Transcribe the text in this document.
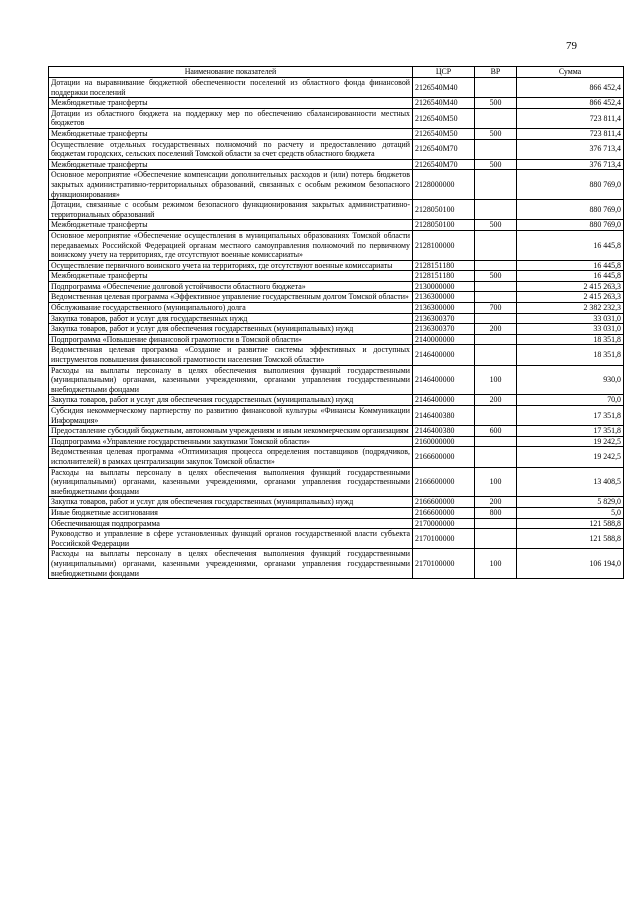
79
Наименование показателей	ЦСР	ВР	Сумма
Дотации на выравнивание бюджетной обеспеченности поселений из областного фонда финансовой поддержки поселений	2126540М40		866 452,4
Межбюджетные трансферты	2126540М40	500	866 452,4
Дотации из областного бюджета на поддержку мер по обеспечению сбалансированности местных бюджетов	2126540М50		723 811,4
Межбюджетные трансферты	2126540М50	500	723 811,4
Осуществление отдельных государственных полномочий по расчету и предоставлению дотаций бюджетам городских, сельских поселений Томской области за счет средств областного бюджета	2126540М70		376 713,4
Межбюджетные трансферты	2126540М70	500	376 713,4
Основное мероприятие «Обеспечение компенсации дополнительных расходов и (или) потерь бюджетов закрытых административно-территориальных образований, связанных с особым режимом безопасного функционирования»	2128000000		880 769,0
Дотации, связанные с особым режимом безопасного функционирования закрытых административно-территориальных образований	2128050100		880 769,0
Межбюджетные трансферты	2128050100	500	880 769,0
Основное мероприятие «Обеспечение осуществления в муниципальных образованиях Томской области передаваемых Российской Федерацией органам местного самоуправления полномочий по первичному воинскому учету на территориях, где отсутствуют военные комиссариаты»	2128100000		16 445,8
Осуществление первичного воинского учета на территориях, где отсутствуют военные комиссариаты	2128151180		16 445,8
Межбюджетные трансферты	2128151180	500	16 445,8
Подпрограмма «Обеспечение долговой устойчивости областного бюджета»	2130000000		2 415 263,3
Ведомственная целевая программа «Эффективное управление государственным долгом Томской области»	2136300000		2 415 263,3
Обслуживание государственного (муниципального) долга	2136300000	700	2 382 232,3
Закупка товаров, работ и услуг для государственных нужд	2136300370		33 031,0
Закупка товаров, работ и услуг для обеспечения государственных (муниципальных) нужд	2136300370	200	33 031,0
Подпрограмма «Повышение финансовой грамотности в Томской области»	2140000000		18 351,8
Ведомственная целевая программа «Создание и развитие системы эффективных и доступных инструментов повышения финансовой грамотности населения Томской области»	2146400000		18 351,8
Расходы на выплаты персоналу в целях обеспечения выполнения функций государственными (муниципальными) органами, казенными учреждениями, органами управления государственными внебюджетными фондами	2146400000	100	930,0
Закупка товаров, работ и услуг для обеспечения государственных (муниципальных) нужд	2146400000	200	70,0
Субсидия некоммерческому партнерству по развитию финансовой культуры «Финансы Коммуникации Информация»	2146400380		17 351,8
Предоставление субсидий бюджетным, автономным учреждениям и иным некоммерческим организациям	2146400380	600	17 351,8
Подпрограмма «Управление государственными закупками Томской области»	2160000000		19 242,5
Ведомственная целевая программа «Оптимизация процесса определения поставщиков (подрядчиков, исполнителей) в рамках централизации закупок Томской области»	2166600000		19 242,5
Расходы на выплаты персоналу в целях обеспечения выполнения функций государственными (муниципальными) органами, казенными учреждениями, органами управления государственными внебюджетными фондами	2166600000	100	13 408,5
Закупка товаров, работ и услуг для обеспечения государственных (муниципальных) нужд	2166600000	200	5 829,0
Иные бюджетные ассигнования	2166600000	800	5,0
Обеспечивающая подпрограмма	2170000000		121 588,8
Руководство и управление в сфере установленных функций органов государственной власти субъекта Российской Федерации	2170100000		121 588,8
Расходы на выплаты персоналу в целях обеспечения выполнения функций государственными (муниципальными) органами, казенными учреждениями, органами управления государственными внебюджетными фондами	2170100000	100	106 194,0
